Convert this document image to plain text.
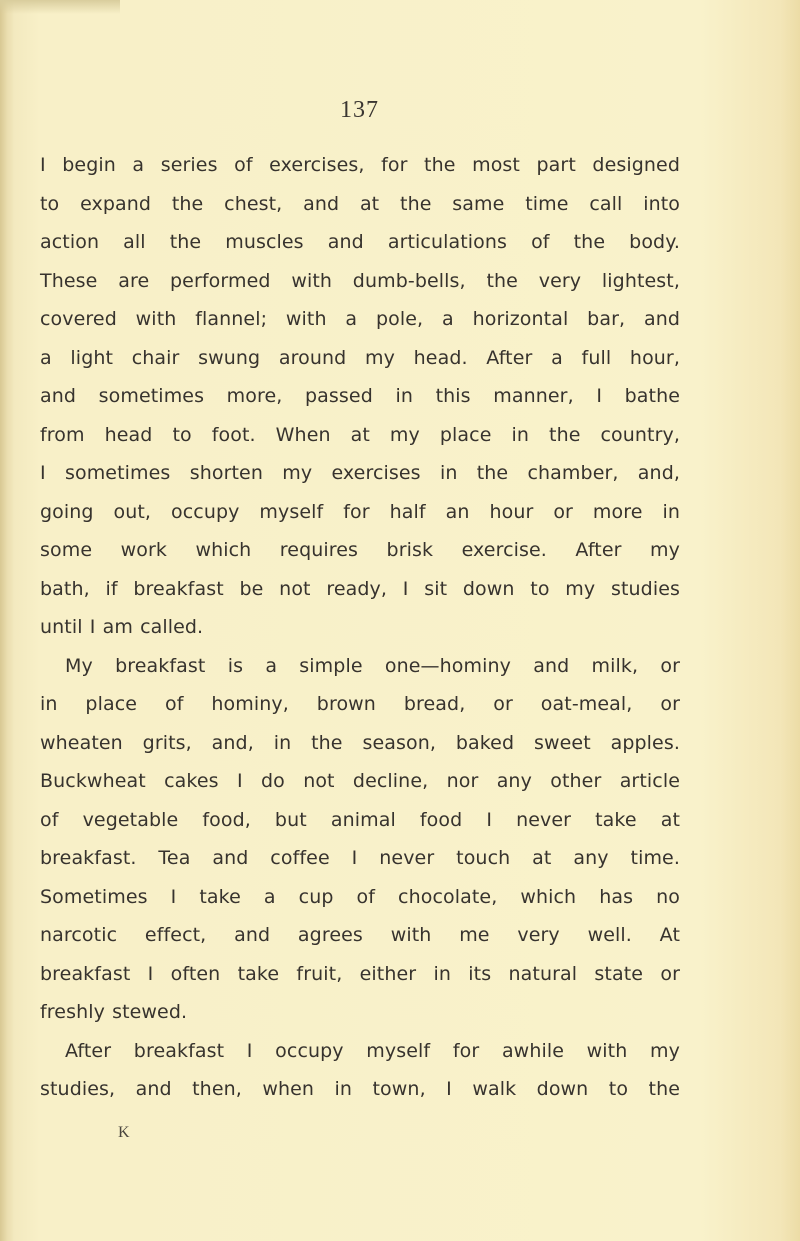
137

I begin a series of exercises, for the most part designed
to expand the chest, and at the same time call into
action all the muscles and articulations of the body.
These are performed with dumb-bells, the very lightest,
covered with flannel; with a pole, a horizontal bar, and
a light chair swung around my head. After a full hour,
and sometimes more, passed in this manner, I bathe
from head to foot. When at my place in the country,
I sometimes shorten my exercises in the chamber, and,
going out, occupy myself for half an hour or more in
some work which requires brisk exercise. After my
bath, if breakfast be not ready, I sit down to my studies
until I am called.

My breakfast is a simple one—hominy and milk, or
in place of hominy, brown bread, or oat-meal, or
wheaten grits, and, in the season, baked sweet apples.
Buckwheat cakes I do not decline, nor any other article
of vegetable food, but animal food I never take at
breakfast. Tea and coffee I never touch at any time.
Sometimes I take a cup of chocolate, which has no
narcotic effect, and agrees with me very well. At
breakfast I often take fruit, either in its natural state or
freshly stewed.

After breakfast I occupy myself for awhile with my
studies, and then, when in town, I walk down to the

K
